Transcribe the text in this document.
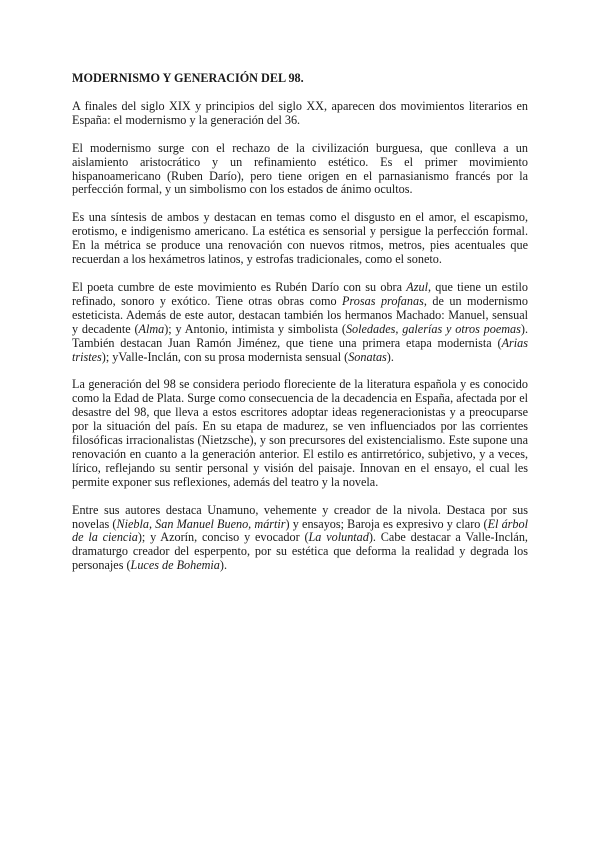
MODERNISMO Y GENERACIÓN DEL 98.

A finales del siglo XIX y principios del siglo XX, aparecen dos movimientos literarios en España: el modernismo y la generación del 36.

El modernismo surge con el rechazo de la civilización burguesa, que conlleva a un aislamiento aristocrático y un refinamiento estético. Es el primer movimiento hispanoamericano (Ruben Darío), pero tiene origen en el parnasianismo francés por la perfección formal, y un simbolismo con los estados de ánimo ocultos.

Es una síntesis de ambos y destacan en temas como el disgusto en el amor, el escapismo, erotismo, e indigenismo americano. La estética es sensorial y persigue la perfección formal. En la métrica se produce una renovación con nuevos ritmos, metros, pies acentuales que recuerdan a los hexámetros latinos, y estrofas tradicionales, como el soneto.

El poeta cumbre de este movimiento es Rubén Darío con su obra Azul, que tiene un estilo refinado, sonoro y exótico. Tiene otras obras como Prosas profanas, de un modernismo esteticista. Además de este autor, destacan también los hermanos Machado: Manuel, sensual y decadente (Alma); y Antonio, intimista y simbolista (Soledades, galerías y otros poemas). También destacan Juan Ramón Jiménez, que tiene una primera etapa modernista (Arias tristes); yValle-Inclán, con su prosa modernista sensual (Sonatas).

La generación del 98 se considera periodo floreciente de la literatura española y es conocido como la Edad de Plata. Surge como consecuencia de la decadencia en España, afectada por el desastre del 98, que lleva a estos escritores adoptar ideas regeneracionistas y a preocuparse por la situación del país. En su etapa de madurez, se ven influenciados por las corrientes filosóficas irracionalistas (Nietzsche), y son precursores del existencialismo. Este supone una renovación en cuanto a la generación anterior. El estilo es antirretórico, subjetivo, y a veces, lírico, reflejando su sentir personal y visión del paisaje. Innovan en el ensayo, el cual les permite exponer sus reflexiones, además del teatro y la novela.

Entre sus autores destaca Unamuno, vehemente y creador de la nivola. Destaca por sus novelas (Niebla, San Manuel Bueno, mártir) y ensayos; Baroja es expresivo y claro (El árbol de la ciencia); y Azorín, conciso y evocador (La voluntad). Cabe destacar a Valle-Inclán, dramaturgo creador del esperpento, por su estética que deforma la realidad y degrada los personajes (Luces de Bohemia).
